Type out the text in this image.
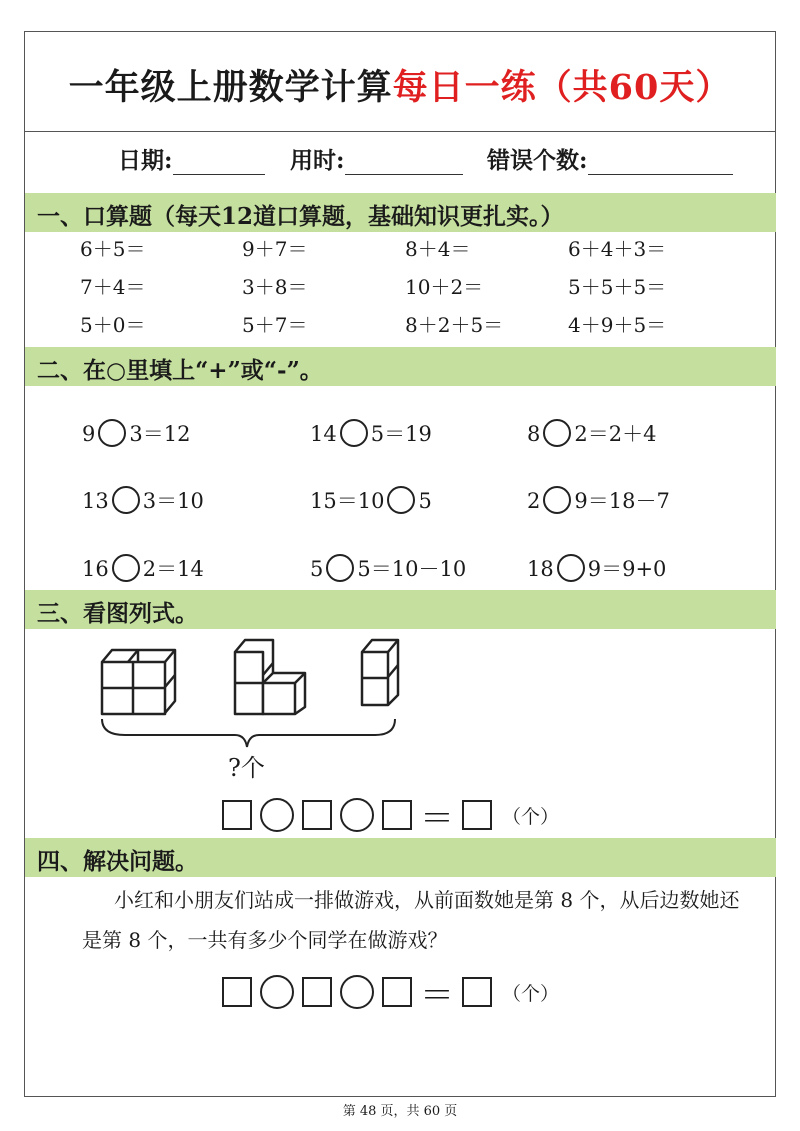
一年级上册数学计算每日一练（共60天）
日期:	用时:	错误个数:
一、口算题（每天12道口算题，基础知识更扎实。）
6＋5＝	9＋7＝	8＋4＝	6＋4＋3＝
7＋4＝	3＋8＝	10＋2＝	5＋5＋5＝
5＋0＝	5＋7＝	8＋2＋5＝	4＋9＋5＝
二、在○里填上“+”或“-”。
9 3＝12	14 5＝19	8 2＝2＋4
13 3＝10	15＝10 5	2 9＝18－7
16 2＝14	5 5＝10－10	18 9＝9+0
三、看图列式。
?个
＝	（个）
四、解决问题。
小红和小朋友们站成一排做游戏，从前面数她是第 8 个，从后边数她还是第 8 个，一共有多少个同学在做游戏？
＝	（个）
第 48 页，共 60 页
